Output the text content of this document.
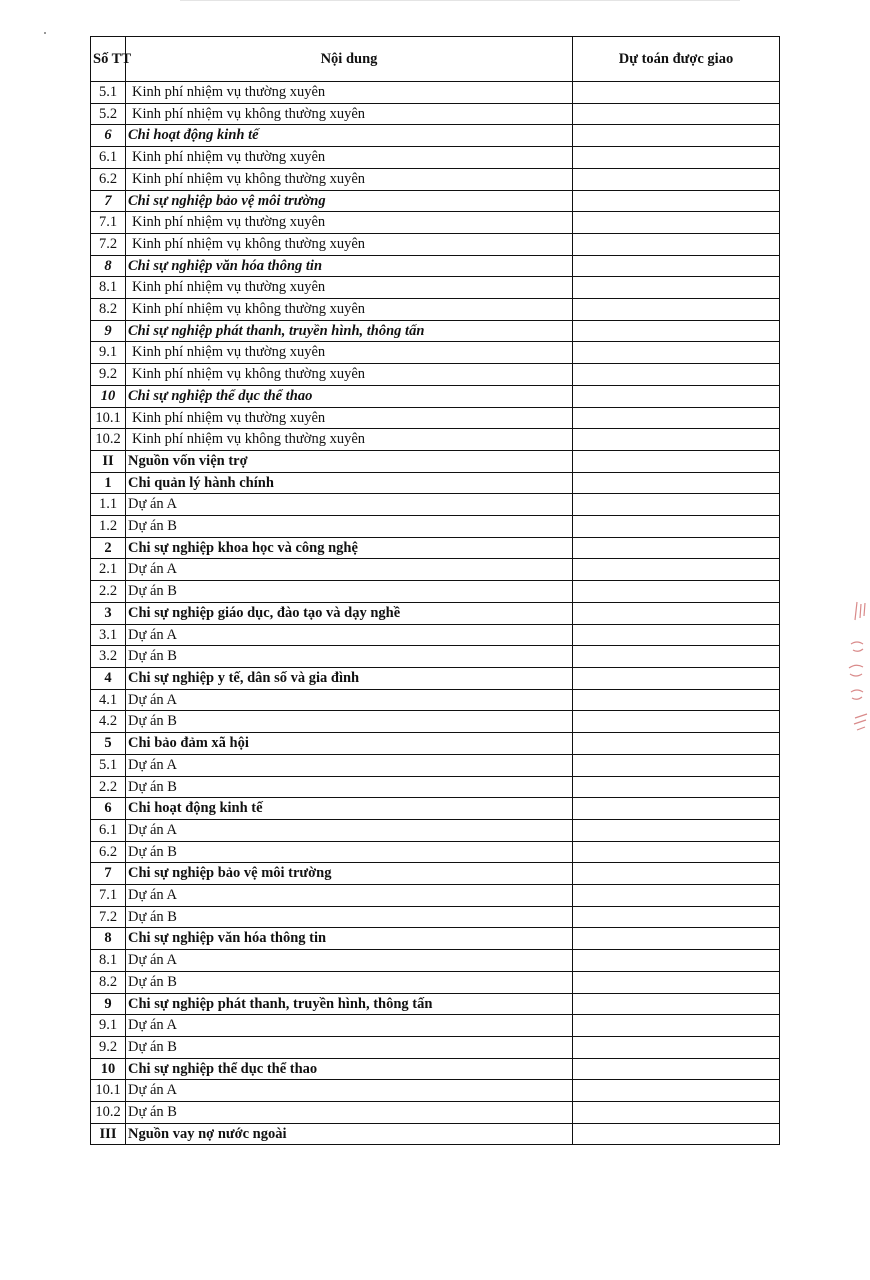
Số TT	Nội dung	Dự toán được giao
5.1	Kinh phí nhiệm vụ thường xuyên	
5.2	Kinh phí nhiệm vụ không thường xuyên	
6	Chi hoạt động kinh tế	
6.1	Kinh phí nhiệm vụ thường xuyên	
6.2	Kinh phí nhiệm vụ không thường xuyên	
7	Chi sự nghiệp bảo vệ môi trường	
7.1	Kinh phí nhiệm vụ thường xuyên	
7.2	Kinh phí nhiệm vụ không thường xuyên	
8	Chi sự nghiệp văn hóa thông tin	
8.1	Kinh phí nhiệm vụ thường xuyên	
8.2	Kinh phí nhiệm vụ không thường xuyên	
9	Chi sự nghiệp phát thanh, truyền hình, thông tấn	
9.1	Kinh phí nhiệm vụ thường xuyên	
9.2	Kinh phí nhiệm vụ không thường xuyên	
10	Chi sự nghiệp thể dục thể thao	
10.1	Kinh phí nhiệm vụ thường xuyên	
10.2	Kinh phí nhiệm vụ không thường xuyên	
II	Nguồn vốn viện trợ	
1	Chi quản lý hành chính	
1.1	Dự án A	
1.2	Dự án B	
2	Chi sự nghiệp khoa học và công nghệ	
2.1	Dự án A	
2.2	Dự án B	
3	Chi sự nghiệp giáo dục, đào tạo và dạy nghề	
3.1	Dự án A	
3.2	Dự án B	
4	Chi sự nghiệp y tế, dân số và gia đình	
4.1	Dự án A	
4.2	Dự án B	
5	Chi bảo đảm xã hội	
5.1	Dự án A	
2.2	Dự án B	
6	Chi hoạt động kinh tế	
6.1	Dự án A	
6.2	Dự án B	
7	Chi sự nghiệp bảo vệ môi trường	
7.1	Dự án A	
7.2	Dự án B	
8	Chi sự nghiệp văn hóa thông tin	
8.1	Dự án A	
8.2	Dự án B	
9	Chi sự nghiệp phát thanh, truyền hình, thông tấn	
9.1	Dự án A	
9.2	Dự án B	
10	Chi sự nghiệp thể dục thể thao	
10.1	Dự án A	
10.2	Dự án B	
III	Nguồn vay nợ nước ngoài	
